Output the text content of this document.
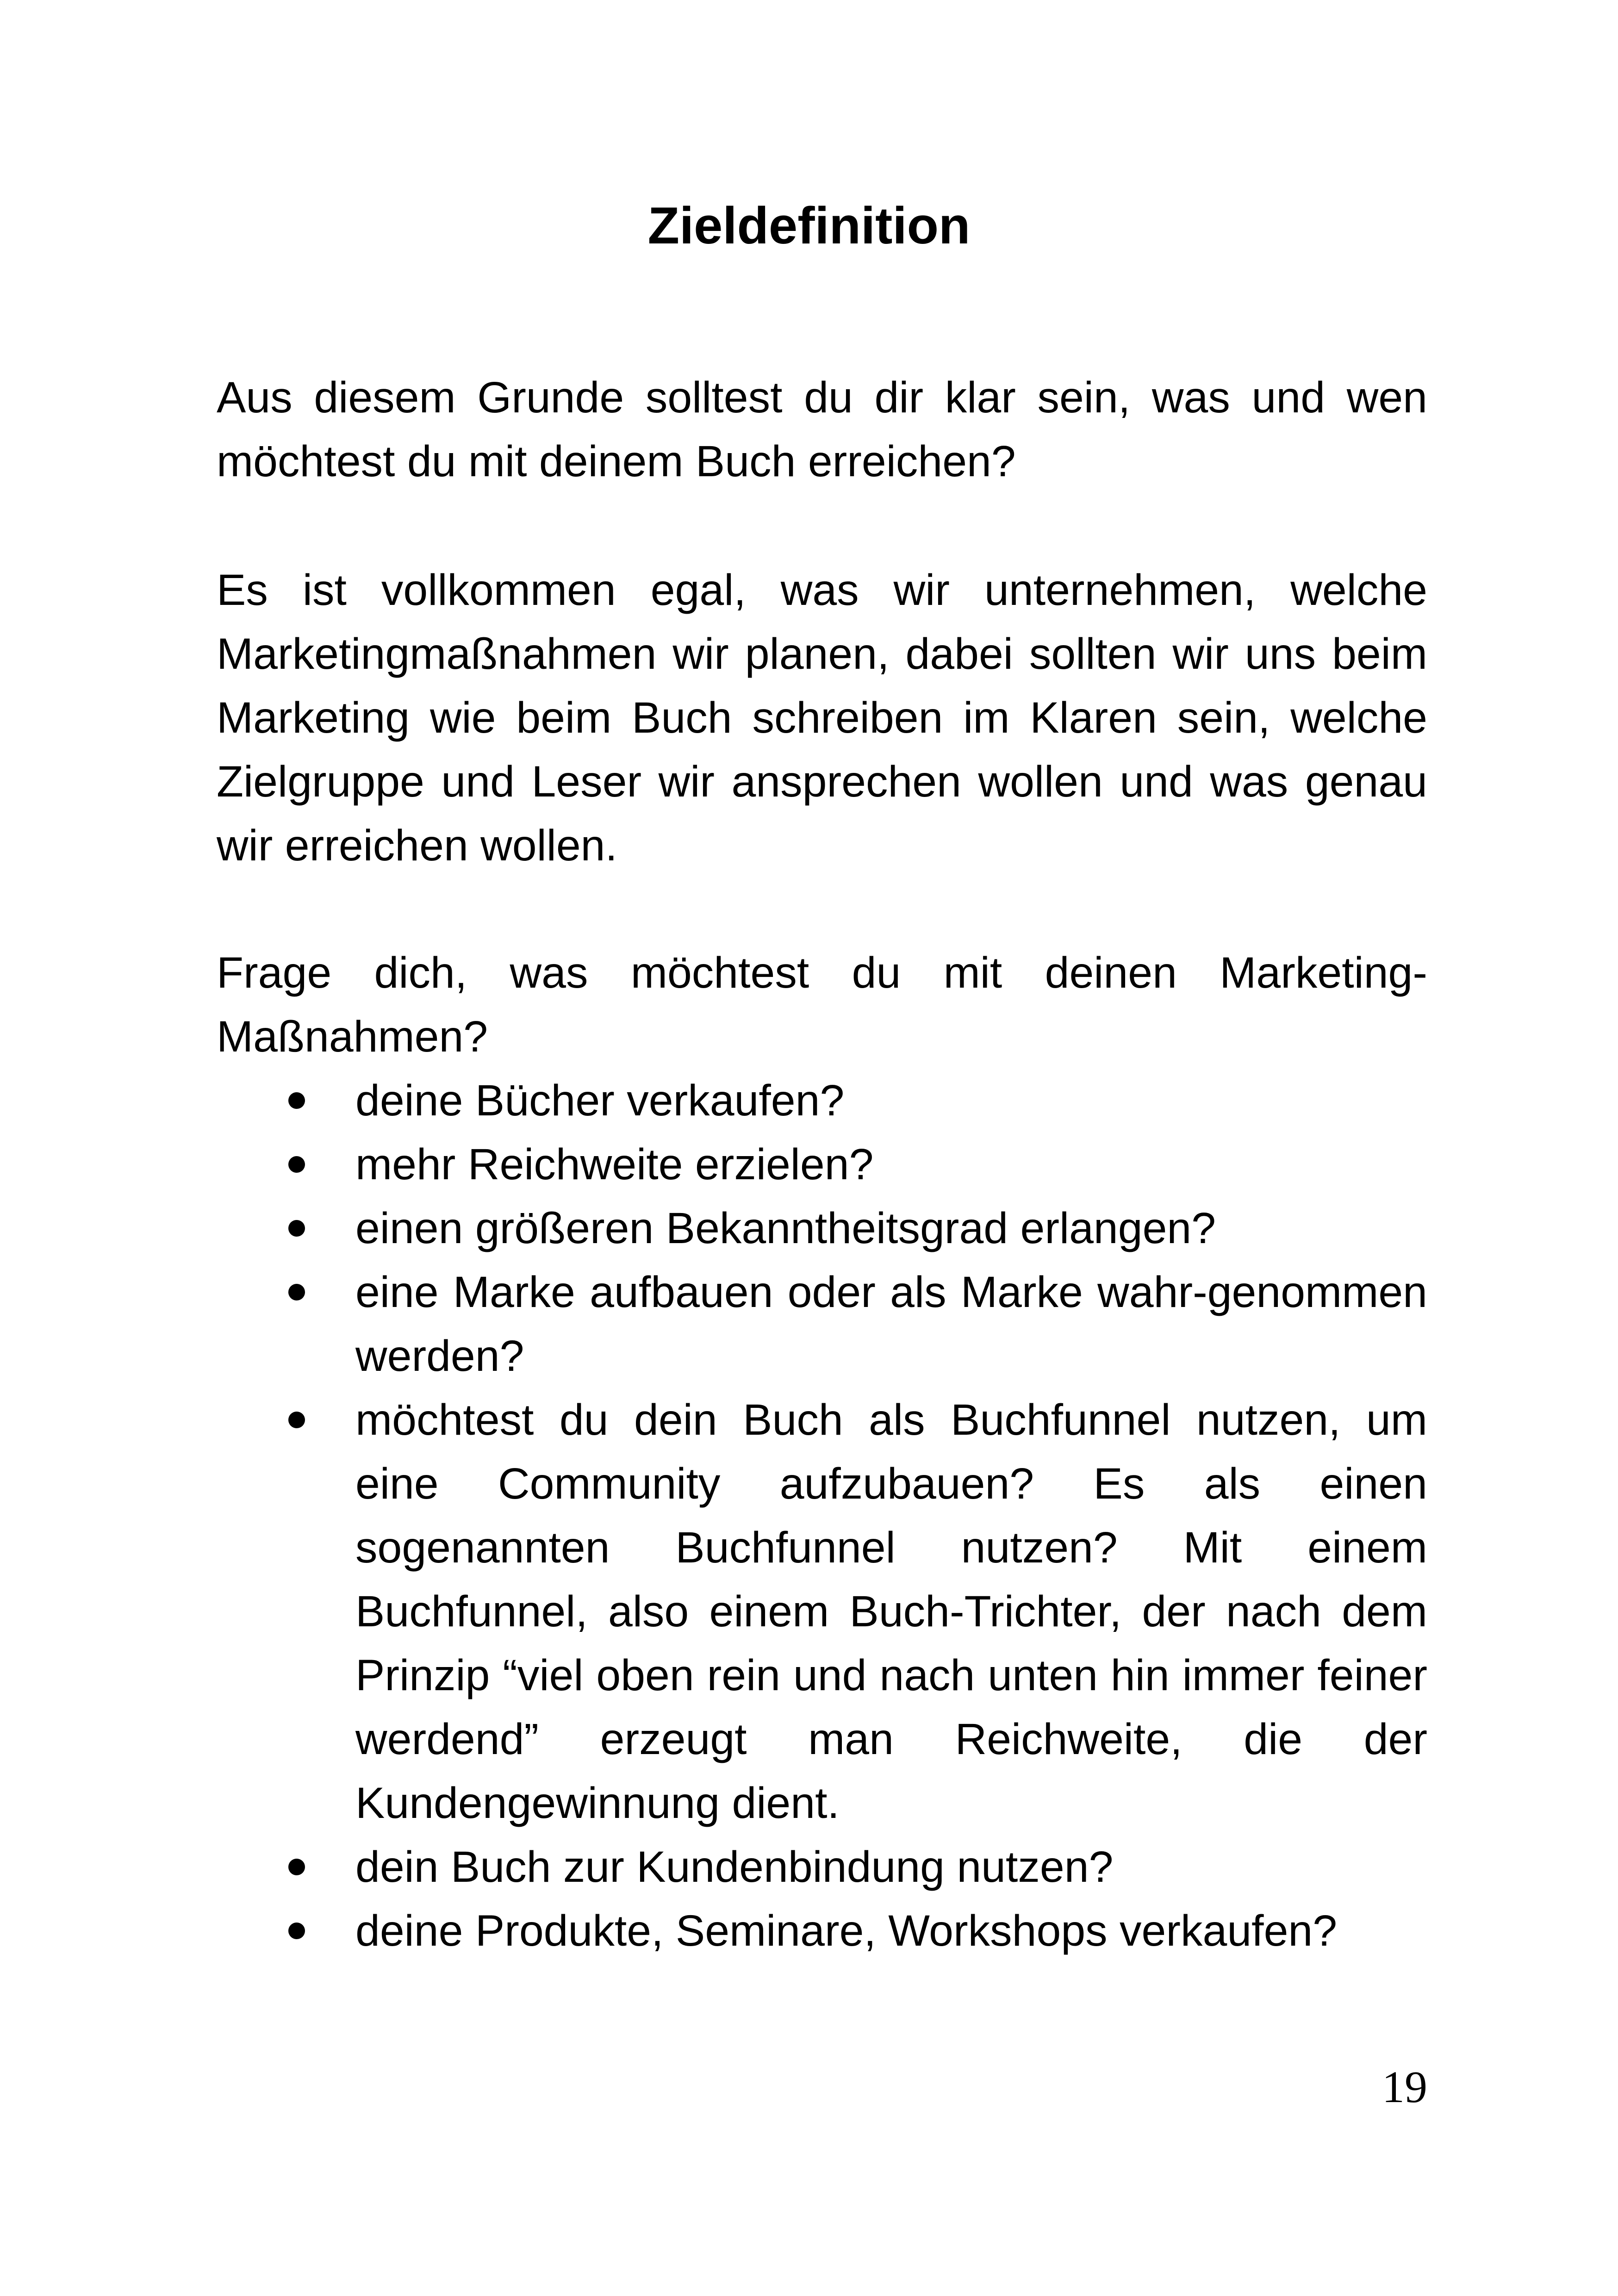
Zieldefinition

Aus diesem Grunde solltest du dir klar sein, was und wen möchtest du mit deinem Buch erreichen?

Es ist vollkommen egal, was wir unternehmen, welche Marketingmaßnahmen wir planen, dabei sollten wir uns beim Marketing wie beim Buch schreiben im Klaren sein, welche Zielgruppe und Leser wir ansprechen wollen und was genau wir erreichen wollen.

Frage dich, was möchtest du mit deinen Marketing-Maßnahmen?

deine Bücher verkaufen?
mehr Reichweite erzielen?
einen größeren Bekanntheitsgrad erlangen?
eine Marke aufbauen oder als Marke wahr-genommen werden?
möchtest du dein Buch als Buchfunnel nutzen, um eine Community aufzubauen? Es als einen sogenannten Buchfunnel nutzen? Mit einem Buchfunnel, also einem Buch-Trichter, der nach dem Prinzip “viel oben rein und nach unten hin immer feiner werdend” erzeugt man Reichweite, die der Kundengewinnung dient.
dein Buch zur Kundenbindung nutzen?
deine Produkte, Seminare, Workshops verkaufen?

19
